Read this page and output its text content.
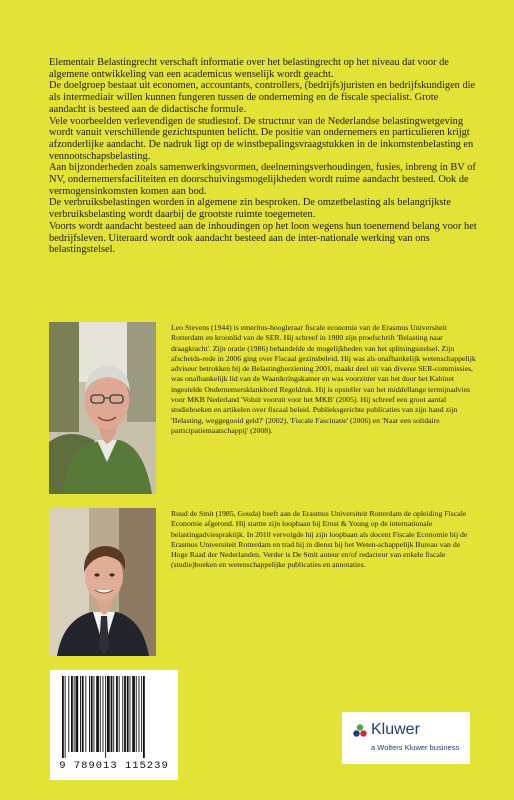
Elementair Belastingrecht verschaft informatie over het belastingrecht op het niveau dat voor de algemene ontwikkeling van een academicus wenselijk wordt geacht.

De doelgroep bestaat uit economen, accountants, controllers, (bedrijfs)juristen en bedrijfskundigen die als intermediair willen kunnen fungeren tussen de onderneming en de fiscale specialist. Grote aandacht is besteed aan de didactische formule.

Vele voorbeelden verlevendigen de studiestof. De structuur van de Nederlandse belastingwetgeving wordt vanuit verschillende gezichtspunten belicht. De positie van ondernemers en particulieren krijgt afzonderlijke aandacht. De nadruk ligt op de winstbepalingsvraagstukken in de inkomstenbelasting en vennootschapsbelasting.

Aan bijzonderheden zoals samenwerkingsvormen, deelnemingsverhoudingen, fusies, inbreng in BV of NV, ondernemersfaciliteiten en doorschuivingsmogelijkheden wordt ruime aandacht besteed. Ook de vermogensinkomsten komen aan bod.

De verbruiksbelastingen worden in algemene zin besproken. De omzetbelasting als belangrijkste verbruiksbelasting wordt daarbij de grootste ruimte toegemeten.

Voorts wordt aandacht besteed aan de inhoudingen op het loon wegens hun toenemend belang voor het bedrijfsleven. Uiteraard wordt ook aandacht besteed aan de inter-nationale werking van ons belastingstelsel.

Leo Stevens (1944) is emeritus-hoogleraar fiscale economie van de Erasmus Universiteit Rotterdam en kroonlid van de SER. Hij schreef in 1980 zijn proefschrift 'Belasting naar draagkracht'. Zijn oratie (1986) behandelde de mogelijkheden van het splitsingsstelsel. Zijn afscheids-rede in 2006 ging over Fiscaal gezinsbeleid. Hij was als onafhankelijk wetenschappelijk adviseur betrokken bij de Belastingherziening 2001, maakt deel uit van diverse SER-commissies, was onafhankelijk lid van de Waarderingskamer en was voorzitter van het door het Kabinet ingestelde Ondernemersklankbord Regeldruk. Hij is opsteller van het middellange termijnadvies voor MKB Nederland 'Voluit vooruit voor het MKB' (2005). Hij schreef een groot aantal studieboeken en artikelen over fiscaal beleid. Publieksgerichte publicaties van zijn hand zijn 'Belasting, weggegooid geld?' (2002), 'Fiscale Fascinatie' (2006) en 'Naar een solidaire participatiemaatschappij' (2008).

Ruud de Smit (1985, Gouda) heeft aan de Erasmus Universiteit Rotterdam de opleiding Fiscale Economie afgerond. Hij startte zijn loopbaan bij Ernst & Young op de internationale belastingadviespraktijk. In 2010 vervolgde hij zijn loopbaan als docent Fiscale Economie bij de Erasmus Universiteit Rotterdam en trad hij in dienst bij het Weten-schappelijk Bureau van de Hoge Raad der Nederlanden. Verder is De Smit auteur en/of redacteur van enkele fiscale (studie)boeken en wetenschappelijke publicaties en annotaties.

9 789013 115239
Kluwer
a Wolters Kluwer business
